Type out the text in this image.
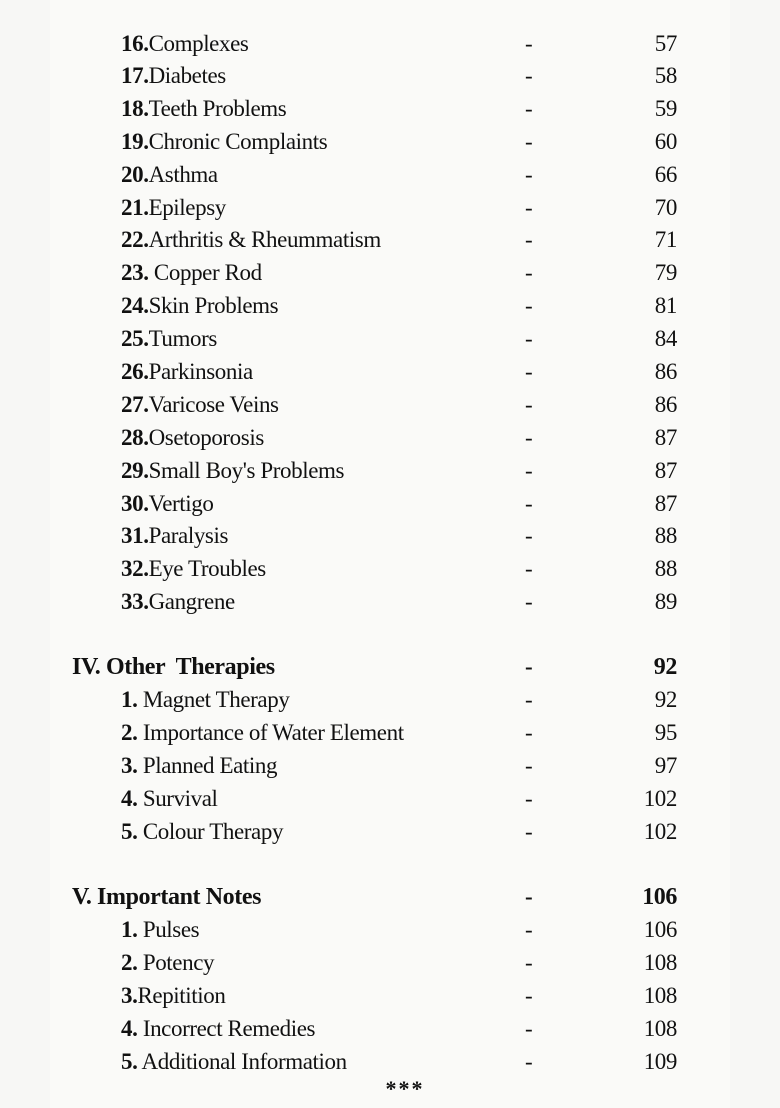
16.Complexes	-	57
17.Diabetes	-	58
18.Teeth Problems	-	59
19.Chronic Complaints	-	60
20.Asthma	-	66
21.Epilepsy	-	70
22.Arthritis & Rheummatism	-	71
23. Copper Rod	-	79
24.Skin Problems	-	81
25.Tumors	-	84
26.Parkinsonia	-	86
27.Varicose Veins	-	86
28.Osetoporosis	-	87
29.Small Boy's Problems	-	87
30.Vertigo	-	87
31.Paralysis	-	88
32.Eye Troubles	-	88
33.Gangrene	-	89
IV. Other  Therapies	-	92
1. Magnet Therapy	-	92
2. Importance of Water Element	-	95
3. Planned Eating	-	97
4. Survival	-	102
5. Colour Therapy	-	102
V. Important Notes	-	106
1. Pulses	-	106
2. Potency	-	108
3.Repitition	-	108
4. Incorrect Remedies	-	108
5. Additional Information	-	109
***
